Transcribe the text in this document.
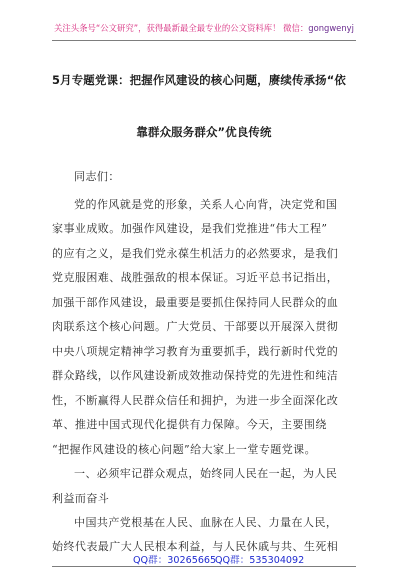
关注头条号“公文研究”，获得最新最全最专业的公文资料库！ 微信：gongwenyj
5月专题党课：把握作风建设的核心问题，赓续传承扬“依
靠群众服务群众”优良传统
同志们：
党的作风就是党的形象，关系人心向背，决定党和国
家事业成败。加强作风建设，是我们党推进“伟大工程”
的应有之义，是我们党永葆生机活力的必然要求，是我们
党克服困难、战胜强敌的根本保证。习近平总书记指出，
加强干部作风建设，最重要是要抓住保持同人民群众的血
肉联系这个核心问题。广大党员、干部要以开展深入贯彻
中央八项规定精神学习教育为重要抓手，践行新时代党的
群众路线，以作风建设新成效推动保持党的先进性和纯洁
性，不断赢得人民群众信任和拥护，为进一步全面深化改
革、推进中国式现代化提供有力保障。今天，主要围绕
“把握作风建设的核心问题”给大家上一堂专题党课。
一、必须牢记群众观点，始终同人民在一起，为人民
利益而奋斗
中国共产党根基在人民、血脉在人民、力量在人民，
始终代表最广大人民根本利益，与人民休戚与共、生死相
QQ群：30265665
QQ群：535304092
